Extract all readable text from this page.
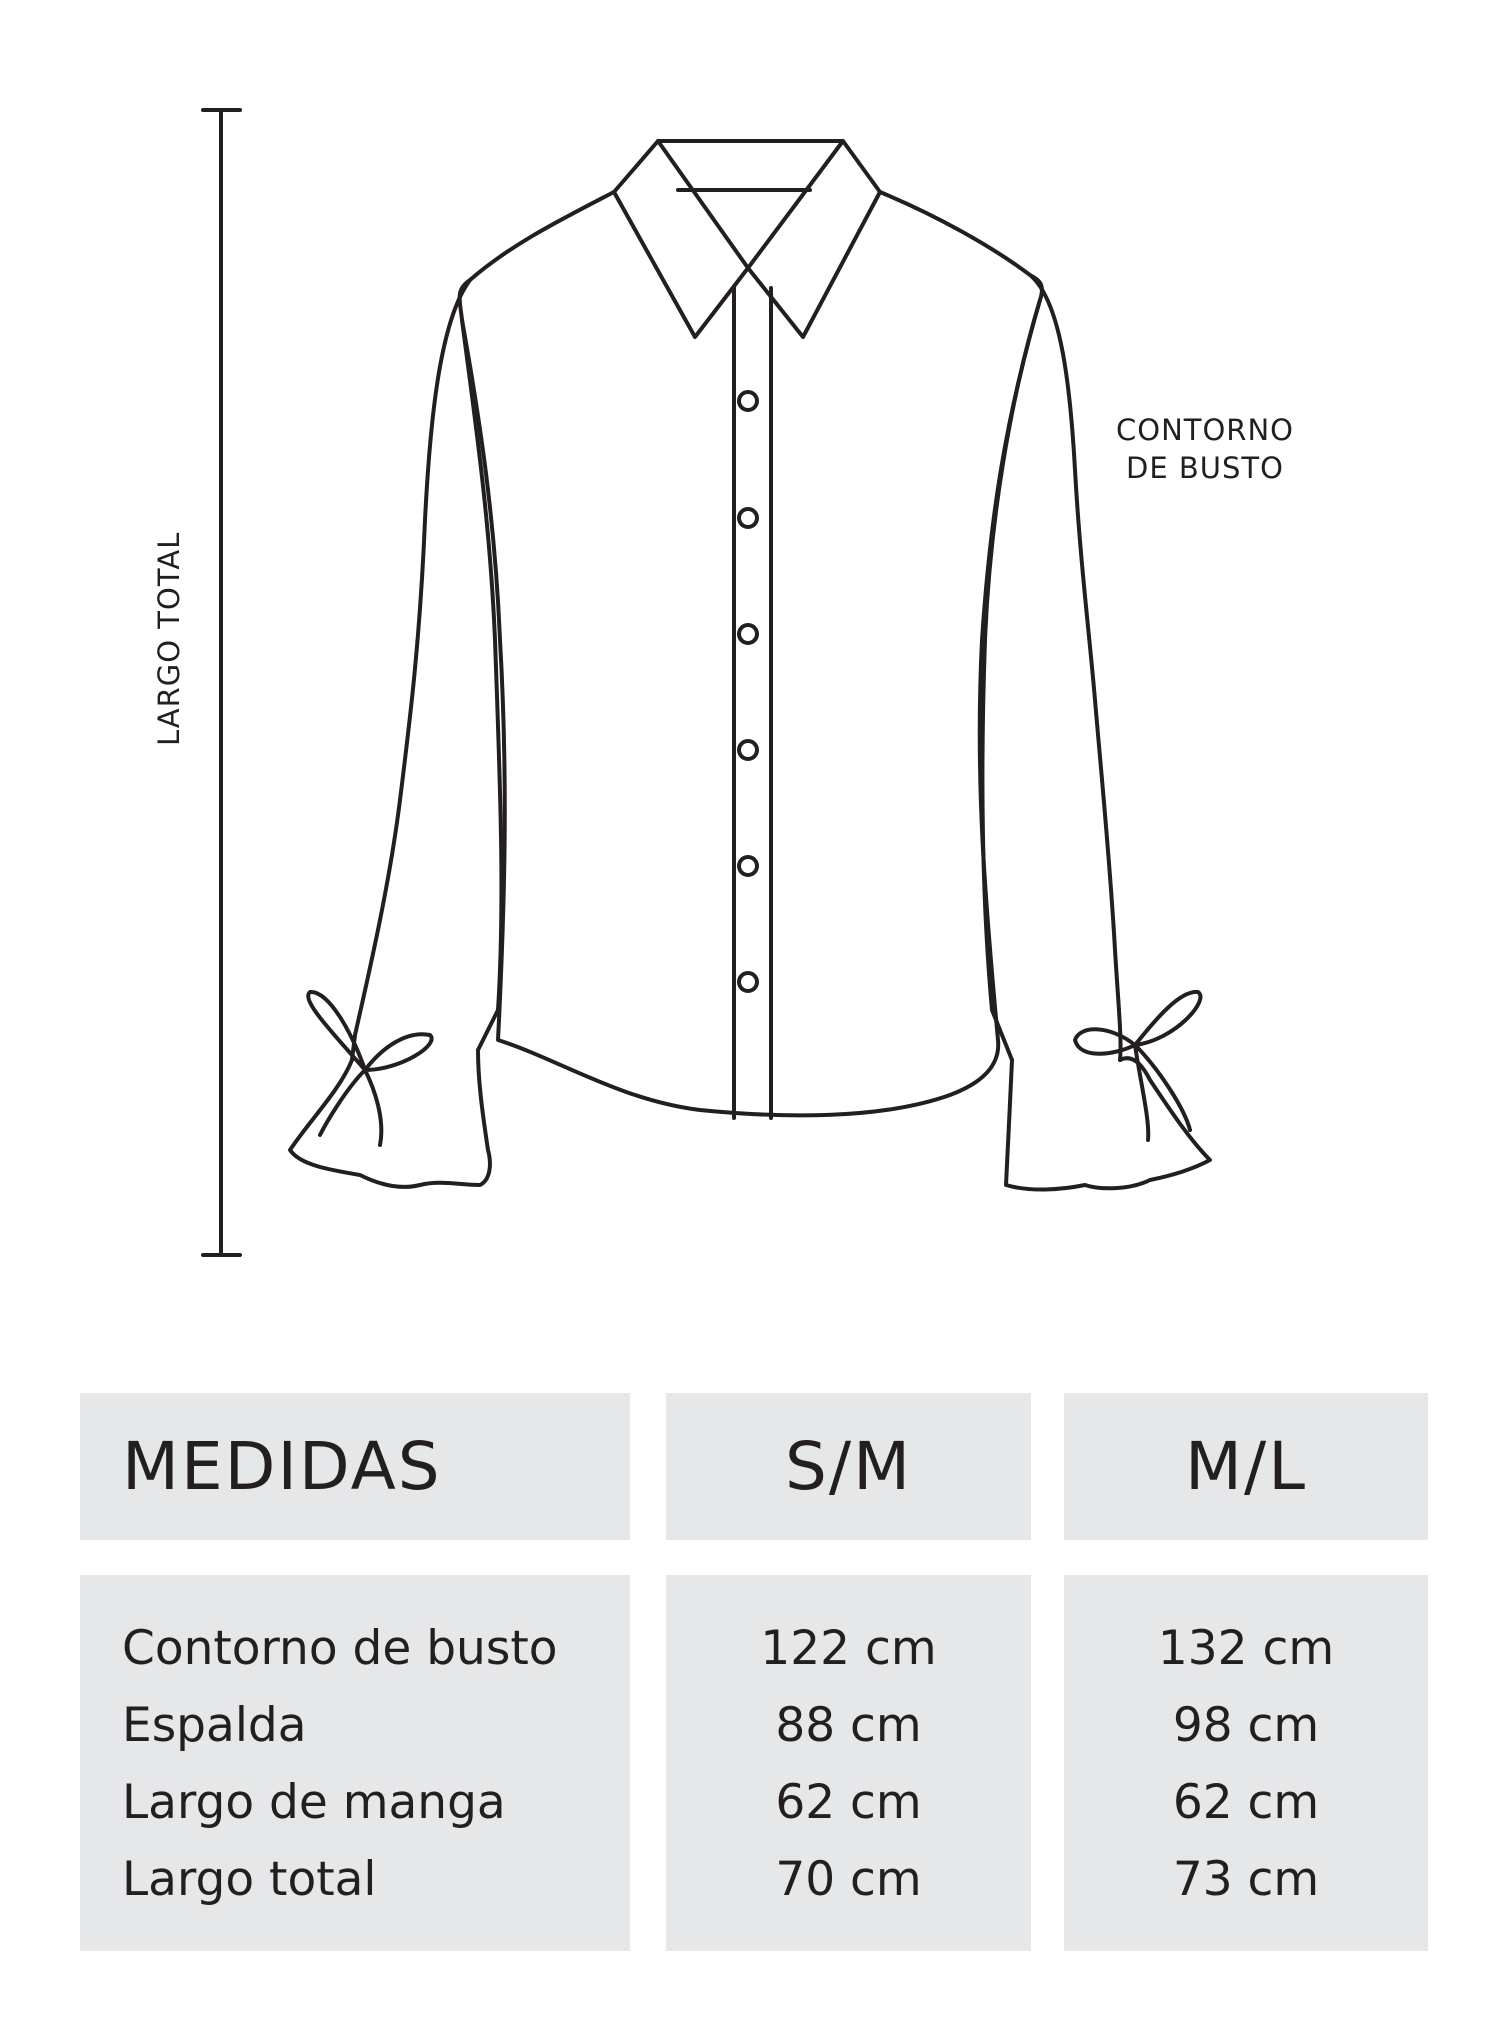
CONTORNO
DE BUSTO
LARGO TOTAL
MEDIDAS	S/M	M/L
Contorno de busto
Espalda
Largo de manga
Largo total
122 cm
88 cm
62 cm
70 cm
132 cm
98 cm
62 cm
73 cm
